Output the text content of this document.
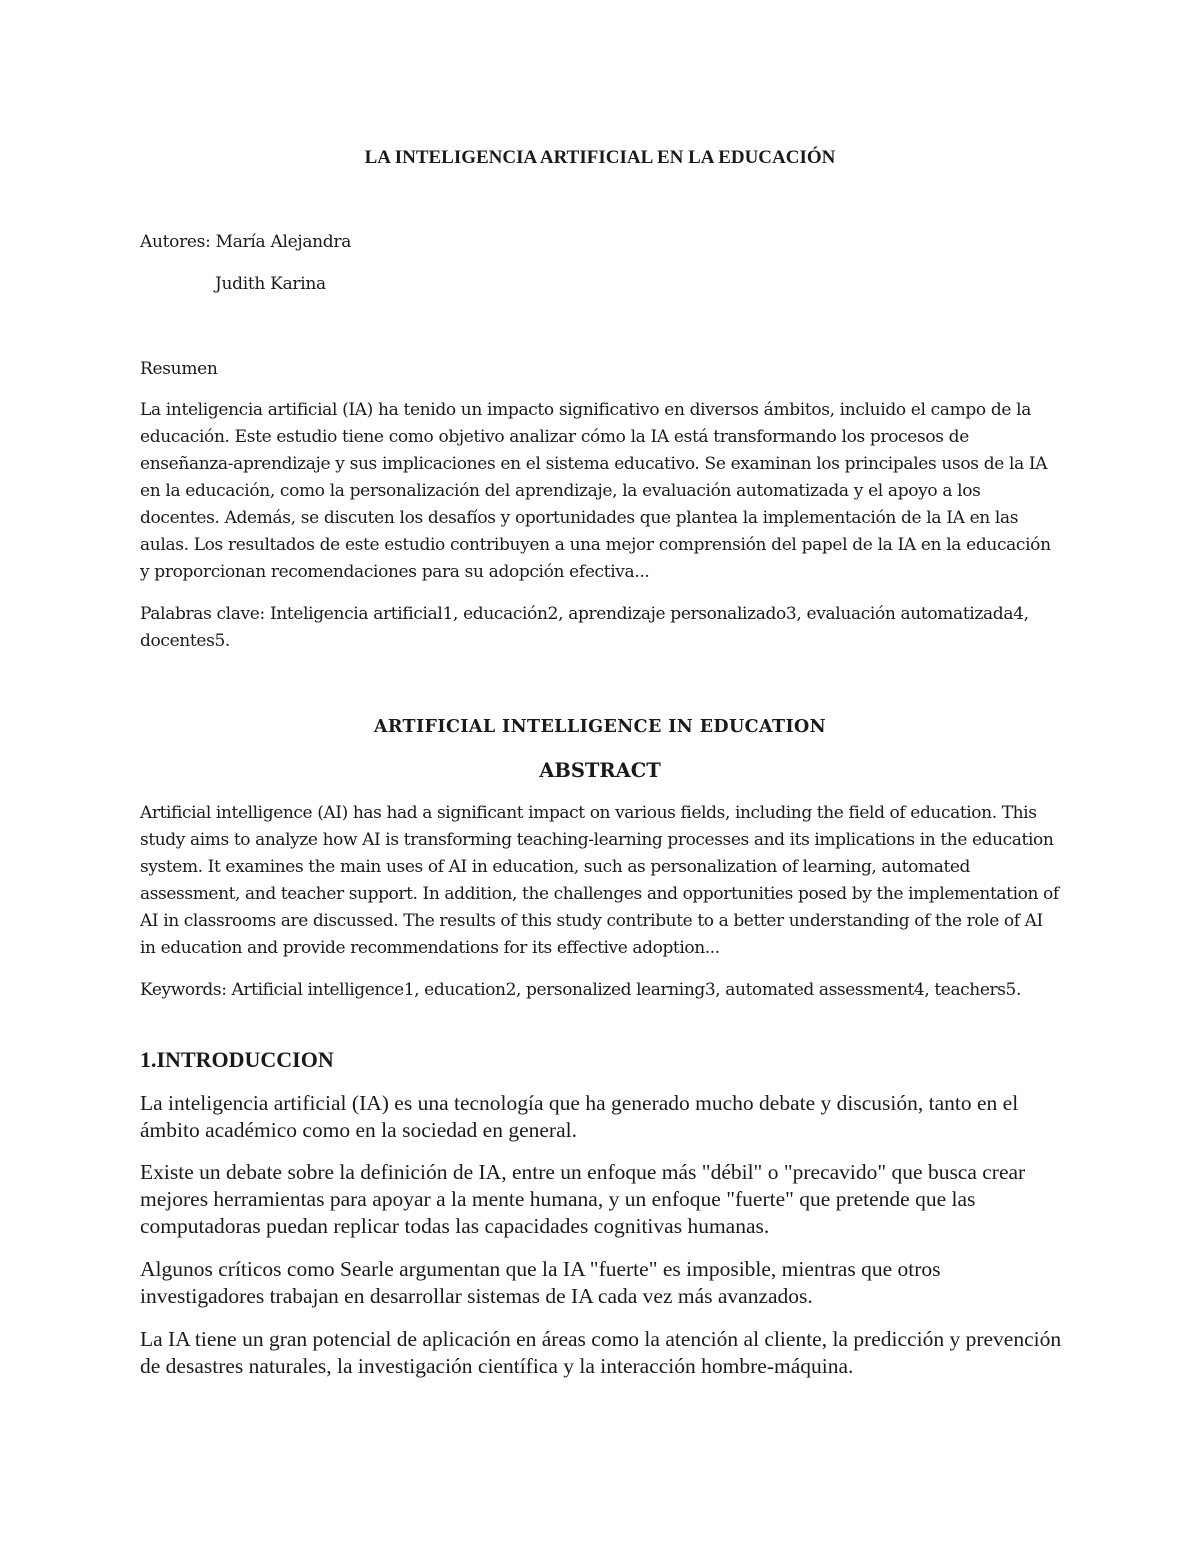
LA INTELIGENCIA ARTIFICIAL EN LA EDUCACIÓN

Autores: María Alejandra

Judith Karina

Resumen

La inteligencia artificial (IA) ha tenido un impacto significativo en diversos ámbitos, incluido el campo de la educación. Este estudio tiene como objetivo analizar cómo la IA está transformando los procesos de enseñanza-aprendizaje y sus implicaciones en el sistema educativo. Se examinan los principales usos de la IA en la educación, como la personalización del aprendizaje, la evaluación automatizada y el apoyo a los docentes. Además, se discuten los desafíos y oportunidades que plantea la implementación de la IA en las aulas. Los resultados de este estudio contribuyen a una mejor comprensión del papel de la IA en la educación y proporcionan recomendaciones para su adopción efectiva...

Palabras clave: Inteligencia artificial1, educación2, aprendizaje personalizado3, evaluación automatizada4, docentes5.

ARTIFICIAL INTELLIGENCE IN EDUCATION
ABSTRACT

Artificial intelligence (AI) has had a significant impact on various fields, including the field of education. This study aims to analyze how AI is transforming teaching-learning processes and its implications in the education system. It examines the main uses of AI in education, such as personalization of learning, automated assessment, and teacher support. In addition, the challenges and opportunities posed by the implementation of AI in classrooms are discussed. The results of this study contribute to a better understanding of the role of AI in education and provide recommendations for its effective adoption...

Keywords: Artificial intelligence1, education2, personalized learning3, automated assessment4, teachers5.

1.INTRODUCCION

La inteligencia artificial (IA) es una tecnología que ha generado mucho debate y discusión, tanto en el ámbito académico como en la sociedad en general.

Existe un debate sobre la definición de IA, entre un enfoque más "débil" o "precavido" que busca crear mejores herramientas para apoyar a la mente humana, y un enfoque "fuerte" que pretende que las computadoras puedan replicar todas las capacidades cognitivas humanas.

Algunos críticos como Searle argumentan que la IA "fuerte" es imposible, mientras que otros investigadores trabajan en desarrollar sistemas de IA cada vez más avanzados.

La IA tiene un gran potencial de aplicación en áreas como la atención al cliente, la predicción y prevención de desastres naturales, la investigación científica y la interacción hombre-máquina.
